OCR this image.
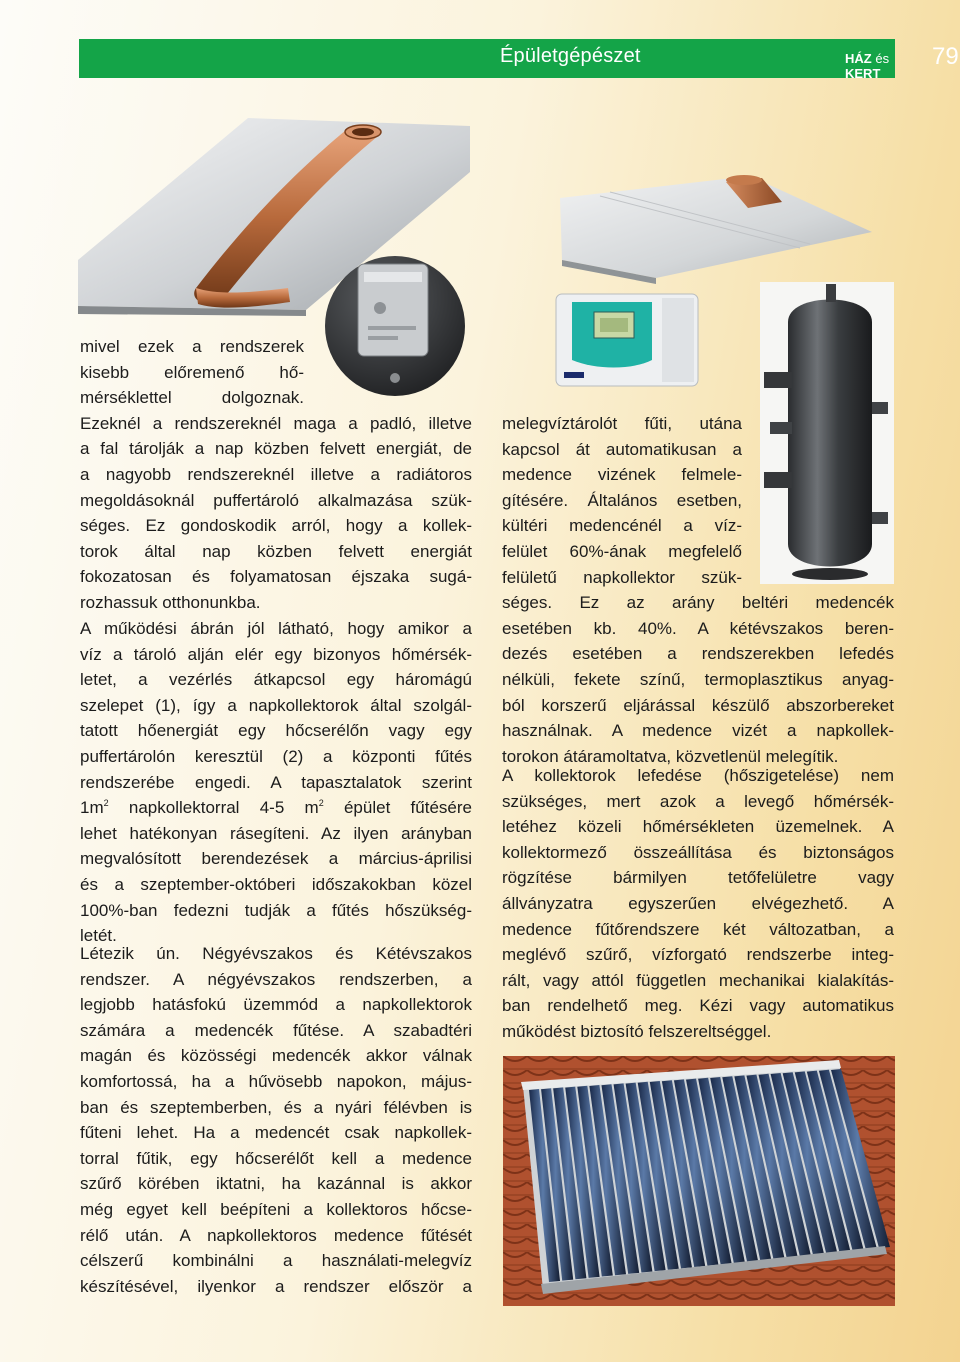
Épületgépészet	HÁZ és KERT
79
mivel ezek a rendszerek
kisebb előremenő hő-
mérséklettel dolgoznak.
Ezeknél a rendszereknél maga a padló, illetve
a fal tárolják a nap közben felvett energiát, de
a nagyobb rendszereknél illetve a radiátoros
megoldásoknál puffertároló alkalmazása szük-
séges. Ez gondoskodik arról, hogy a kollek-
torok által nap közben felvett energiát
fokozatosan és folyamatosan éjszaka sugá-
rozhassuk otthonunkba.
A működési ábrán jól látható, hogy amikor a
víz a tároló alján elér egy bizonyos hőmérsék-
letet, a vezérlés átkapcsol egy háromágú
szelepet (1), így a napkollektorok által szolgál-
tatott hőenergiát egy hőcserélőn vagy egy
puffertárolón keresztül (2) a központi fűtés
rendszerébe engedi. A tapasztalatok szerint
$1m^2$ napkollektorral 4-5 $m^2$ épület fűtésére
lehet hatékonyan rásegíteni. Az ilyen arányban
megvalósított berendezések a március-áprilisi
és a szeptember-októberi időszakokban közel
100%-ban fedezni tudják a fűtés hőszükség-
letét.
Létezik ún. Négyévszakos és Kétévszakos
rendszer. A négyévszakos rendszerben, a
legjobb hatásfokú üzemmód a napkollektorok
számára a medencék fűtése. A szabadtéri
magán és közösségi medencék akkor válnak
komfortossá, ha a hűvösebb napokon, május-
ban és szeptemberben, és a nyári félévben is
fűteni lehet. Ha a medencét csak napkollek-
torral fűtik, egy hőcserélőt kell a medence
szűrő körében iktatni, ha kazánnal is akkor
még egyet kell beépíteni a kollektoros hőcse-
rélő után. A napkollektoros medence fűtését
célszerű kombinálni a használati-melegvíz
készítésével, ilyenkor a rendszer először a
melegvíztárolót fűti, utána
kapcsol át automatikusan a
medence vizének felmele-
gítésére. Általános esetben,
kültéri medencénél a víz-
felület 60%-ának megfelelő
felületű napkollektor szük-
séges. Ez az arány beltéri medencék
esetében kb. 40%. A kétévszakos beren-
dezés esetében a rendszerekben lefedés
nélküli, fekete színű, termoplasztikus anyag-
ból korszerű eljárással készülő abszorbereket
használnak. A medence vizét a napkollek-
torokon átáramoltatva, közvetlenül melegítik.
A kollektorok lefedése (hőszigetelése) nem
szükséges, mert azok a levegő hőmérsék-
letéhez közeli hőmérsékleten üzemelnek. A
kollektormező összeállítása és biztonságos
rögzítése bármilyen tetőfelületre vagy
állványzatra egyszerűen elvégezhető. A
medence fűtőrendszere két változatban, a
meglévő szűrő, vízforgató rendszerbe integ-
rált, vagy attól független mechanikai kialakítás-
ban rendelhető meg. Kézi vagy automatikus
működést biztosító felszereltséggel.
